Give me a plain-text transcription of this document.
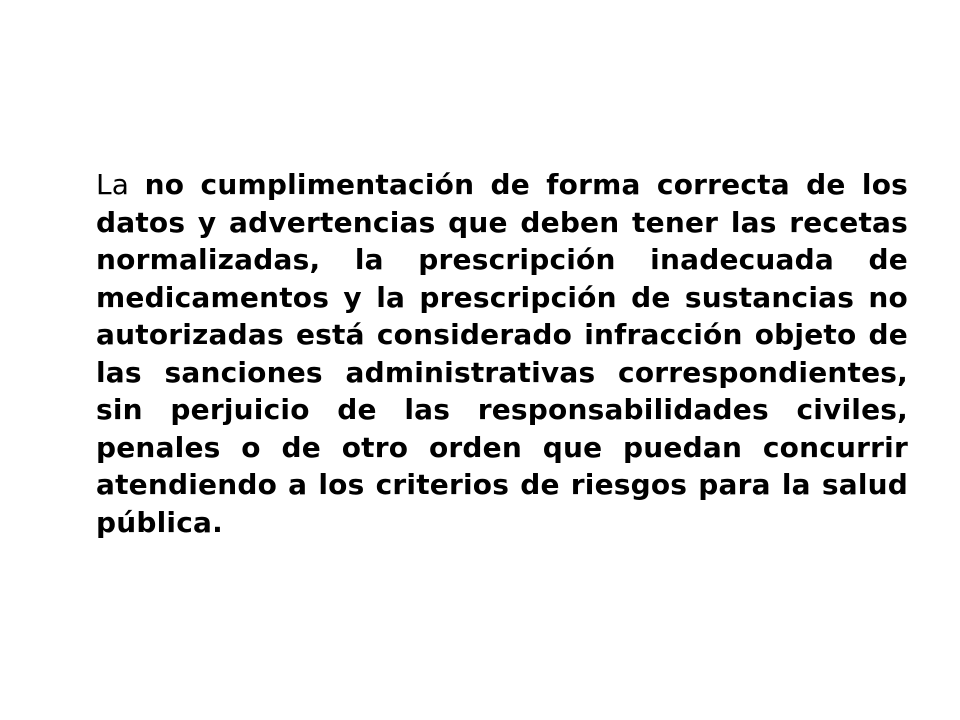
La no cumplimentación de forma correcta de los datos y advertencias que deben tener las recetas normalizadas, la prescripción inadecuada de medicamentos y la prescripción de sustancias no autorizadas está considerado infracción objeto de las sanciones administrativas correspondientes, sin perjuicio de las responsabilidades civiles, penales o de otro orden que puedan concurrir atendiendo a los criterios de riesgos para la salud pública.
